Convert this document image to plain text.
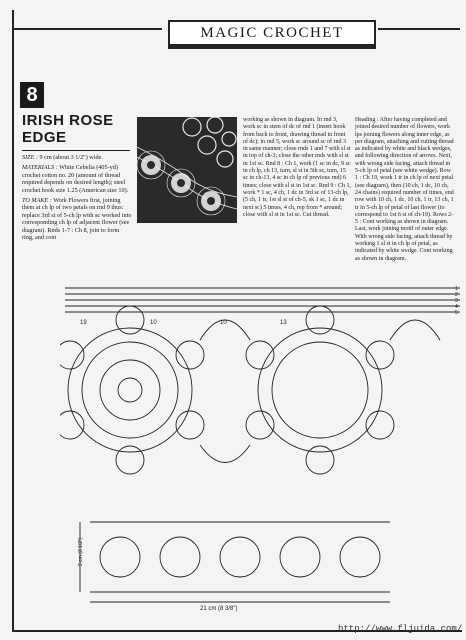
MAGIC CROCHET
8
IRISH ROSE
EDGE

SIZE : 9 cm (about 3 1/2") wide.

MATERIALS : White Cebelia (405-yd) crochet cotton no. 20 (amount of thread required depends on desired length); steel crochet hook size 1.25 (American size 10).

TO MAKE : Work Flowers first, joining them at ch lp of two petals on rnd 9 thus: replace 3rd st of 5-ch lp with sc worked into corresponding ch lp of adjacent flower (see diagram). Rnds 1-7 : Ch 8, join to form ring, and cont

working as shown in diagram. In rnd 3, work sc in stem of dc of rnd 1 (insert hook from back to front, drawing thread in front of dc); in rnd 5, work sc around sc of rnd 3 in same manner; close rnds 1 and 7 with sl st in top of ch-3; close the other rnds with sl st in 1st sc. Rnd 8 : Ch 1, work (1 sc in dc, 9 sc in ch lp, ch 13, turn, sl st in 5th sc, turn, 15 sc in ch-13, 4 sc in ch lp of previous rnd) 6 times; close with sl st in 1st sc. Rnd 9 : Ch 1, work * 1 sc, 4 ch, 1 dc in 3rd sc of 13-ch lp, (5 ch, 1 tr, 1st sl st of ch-5, sk 1 sc, 1 dc in next sc) 5 times, 4 ch, rep from * around; close with sl st in 1st sc. Cut thread.

Heading : After having completed and joined desired number of flowers, work lps joining flowers along inner edge, as per diagram, attaching and cutting thread as indicated by white and black wedges, and following direction of arrows. Next, with wrong side facing, attach thread in 5-ch lp of petal (see white wedge). Row 1 : Ch 19, work 1 tr in ch lp of next petal (see diagram), then (10 ch, 1 dc, 10 ch, 24 chains) required number of times, end row with 10 ch, 1 dc, 10 ch, 1 tr, 13 ch, 1 tr in 5-ch lp of petal of last flower (to correspond to 1st 6 st of ch-19). Rows 2-5 : Cont working as shown in diagram. Last, work joining motif of outer edge. With wrong side facing, attach thread by working 1 sl st in ch lp of petal, as indicated by white wedge. Cont working as shown in diagram.

19	10	10	13
1
2
3
4
5
9 cm (3 1/2")
21 cm (8 3/8")
http://www.fljuida.com/
